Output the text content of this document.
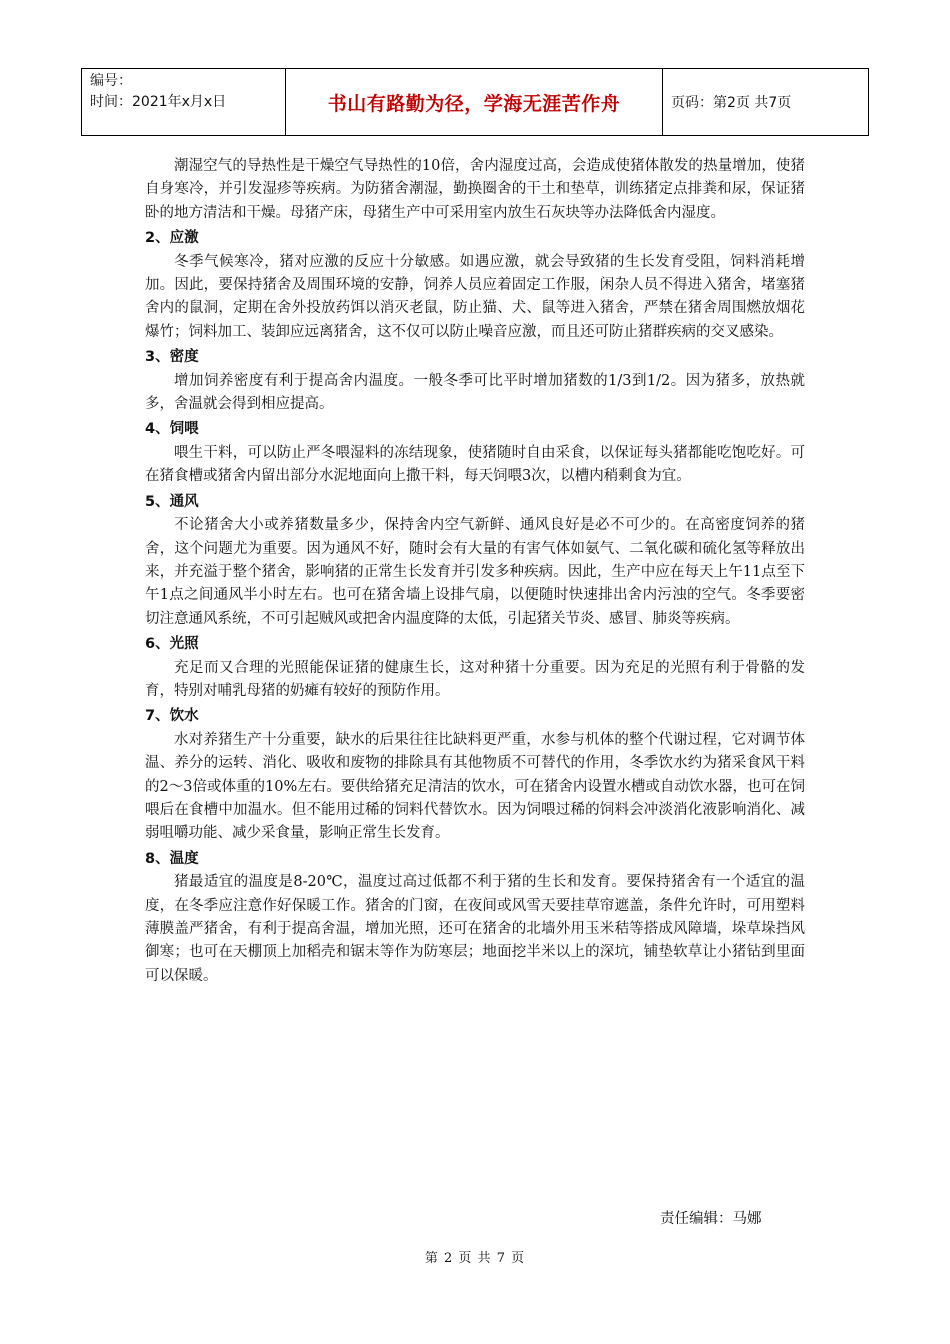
编号：
时间：2021年x月x日	书山有路勤为径，学海无涯苦作舟	页码：第2页 共7页

潮湿空气的导热性是干燥空气导热性的10倍，舍内湿度过高，会造成使猪体散发的热量增加，使猪自身寒冷，并引发湿疹等疾病。为防猪舍潮湿，勤换圈舍的干土和垫草，训练猪定点排粪和尿，保证猪卧的地方清洁和干燥。母猪产床，母猪生产中可采用室内放生石灰块等办法降低舍内湿度。

2、应激

冬季气候寒冷，猪对应激的反应十分敏感。如遇应激，就会导致猪的生长发育受阻，饲料消耗增加。因此，要保持猪舍及周围环境的安静，饲养人员应着固定工作服，闲杂人员不得进入猪舍，堵塞猪舍内的鼠洞，定期在舍外投放药饵以消灭老鼠，防止猫、犬、鼠等进入猪舍，严禁在猪舍周围燃放烟花爆竹；饲料加工、装卸应远离猪舍，这不仅可以防止噪音应激，而且还可防止猪群疾病的交叉感染。

3、密度

增加饲养密度有利于提高舍内温度。一般冬季可比平时增加猪数的1/3到1/2。因为猪多，放热就多，舍温就会得到相应提高。

4、饲喂

喂生干料，可以防止严冬喂湿料的冻结现象，使猪随时自由采食，以保证每头猪都能吃饱吃好。可在猪食槽或猪舍内留出部分水泥地面向上撒干料，每天饲喂3次，以槽内稍剩食为宜。

5、通风

不论猪舍大小或养猪数量多少，保持舍内空气新鲜、通风良好是必不可少的。在高密度饲养的猪舍，这个问题尤为重要。因为通风不好，随时会有大量的有害气体如氨气、二氧化碳和硫化氢等释放出来，并充溢于整个猪舍，影响猪的正常生长发育并引发多种疾病。因此，生产中应在每天上午11点至下午1点之间通风半小时左右。也可在猪舍墙上设排气扇，以便随时快速排出舍内污浊的空气。冬季要密切注意通风系统，不可引起贼风或把舍内温度降的太低，引起猪关节炎、感冒、肺炎等疾病。

6、光照

充足而又合理的光照能保证猪的健康生长，这对种猪十分重要。因为充足的光照有利于骨骼的发育，特别对哺乳母猪的奶瘫有较好的预防作用。

7、饮水

水对养猪生产十分重要，缺水的后果往往比缺料更严重，水参与机体的整个代谢过程，它对调节体温、养分的运转、消化、吸收和废物的排除具有其他物质不可替代的作用，冬季饮水约为猪采食风干料的2～3倍或体重的10%左右。要供给猪充足清洁的饮水，可在猪舍内设置水槽或自动饮水器，也可在饲喂后在食槽中加温水。但不能用过稀的饲料代替饮水。因为饲喂过稀的饲料会冲淡消化液影响消化、减弱咀嚼功能、减少采食量，影响正常生长发育。

8、温度

猪最适宜的温度是8-20℃，温度过高过低都不利于猪的生长和发育。要保持猪舍有一个适宜的温度，在冬季应注意作好保暖工作。猪舍的门窗，在夜间或风雪天要挂草帘遮盖，条件允许时，可用塑料薄膜盖严猪舍，有利于提高舍温，增加光照，还可在猪舍的北墙外用玉米秸等搭成风障墙，垛草垛挡风御寒；也可在天棚顶上加稻壳和锯末等作为防寒层；地面挖半米以上的深坑，铺垫软草让小猪钻到里面可以保暖。

责任编辑：马娜
第 2 页 共 7 页
